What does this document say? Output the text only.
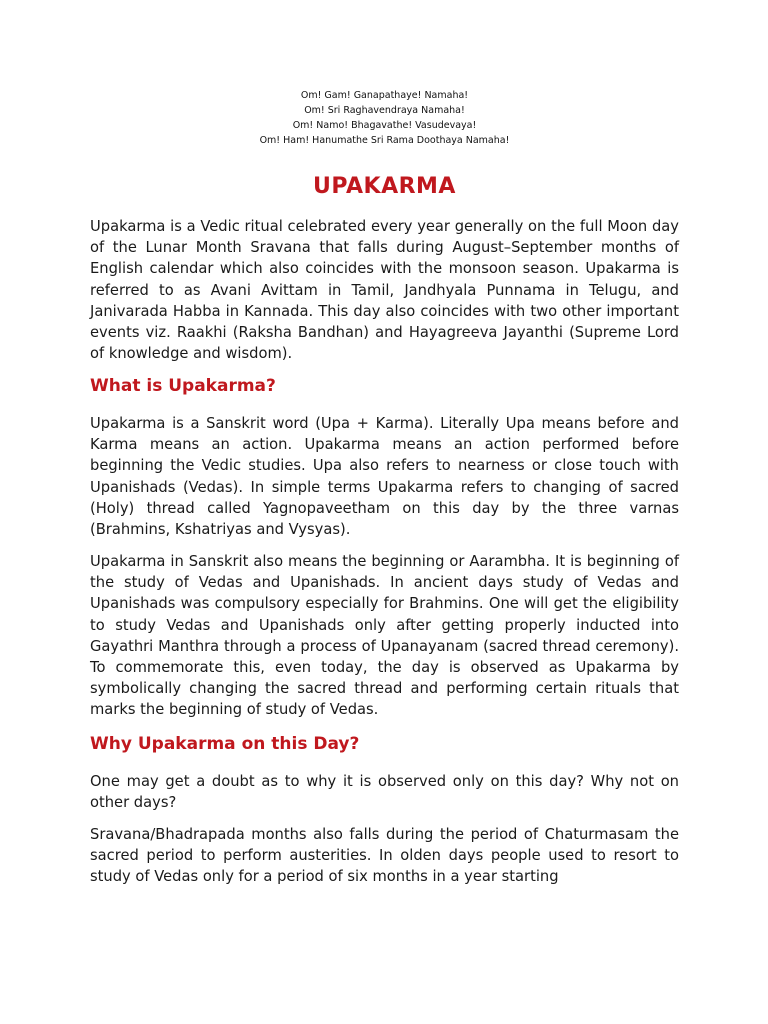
Om! Gam! Ganapathaye! Namaha!
Om! Sri Raghavendraya Namaha!
Om! Namo! Bhagavathe! Vasudevaya!
Om! Ham! Hanumathe Sri Rama Doothaya Namaha!
UPAKARMA

Upakarma is a Vedic ritual celebrated every year generally on the full Moon day of the Lunar Month Sravana that falls during August–September months of English calendar which also coincides with the monsoon season. Upakarma is referred to as Avani Avittam in Tamil, Jandhyala Punnama in Telugu, and Janivarada Habba in Kannada. This day also coincides with two other important events viz. Raakhi (Raksha Bandhan) and Hayagreeva Jayanthi (Supreme Lord of knowledge and wisdom).

What is Upakarma?

Upakarma is a Sanskrit word (Upa + Karma). Literally Upa means before and Karma means an action. Upakarma means an action performed before beginning the Vedic studies. Upa also refers to nearness or close touch with Upanishads (Vedas). In simple terms Upakarma refers to changing of sacred (Holy) thread called Yagnopaveetham on this day by the three varnas (Brahmins, Kshatriyas and Vysyas).

Upakarma in Sanskrit also means the beginning or Aarambha. It is beginning of the study of Vedas and Upanishads. In ancient days study of Vedas and Upanishads was compulsory especially for Brahmins. One will get the eligibility to study Vedas and Upanishads only after getting properly inducted into Gayathri Manthra through a process of Upanayanam (sacred thread ceremony). To commemorate this, even today, the day is observed as Upakarma by symbolically changing the sacred thread and performing certain rituals that marks the beginning of study of Vedas.

Why Upakarma on this Day?

One may get a doubt as to why it is observed only on this day? Why not on other days?

Sravana/Bhadrapada months also falls during the period of Chaturmasam the sacred period to perform austerities. In olden days people used to resort to study of Vedas only for a period of six months in a year starting
